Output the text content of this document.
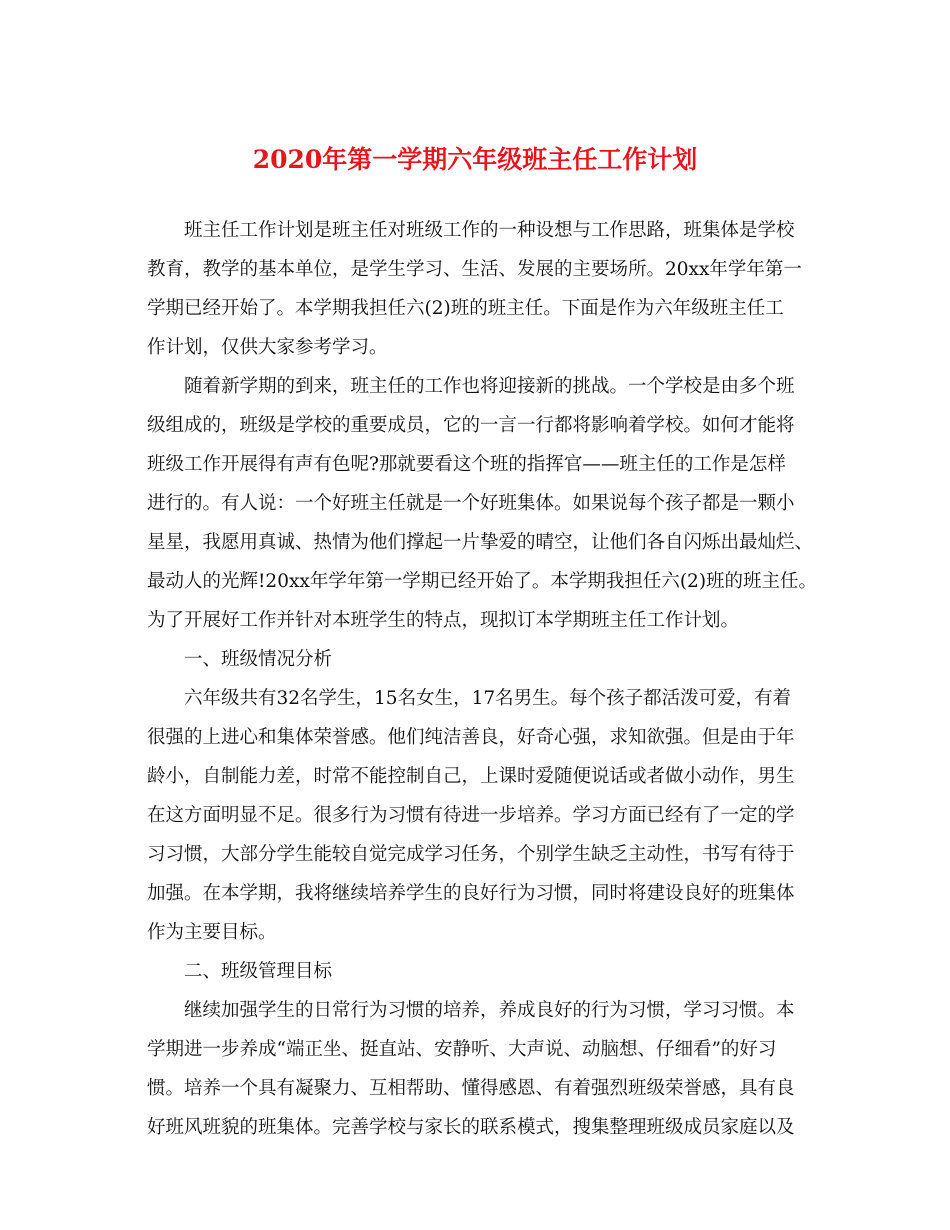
2020年第一学期六年级班主任工作计划
班主任工作计划是班主任对班级工作的一种设想与工作思路，班集体是学校
教育，教学的基本单位，是学生学习、生活、发展的主要场所。20xx年学年第一
学期已经开始了。本学期我担任六(2)班的班主任。下面是作为六年级班主任工
作计划，仅供大家参考学习。
随着新学期的到来，班主任的工作也将迎接新的挑战。一个学校是由多个班
级组成的，班级是学校的重要成员，它的一言一行都将影响着学校。如何才能将
班级工作开展得有声有色呢?那就要看这个班的指挥官——班主任的工作是怎样
进行的。有人说：一个好班主任就是一个好班集体。如果说每个孩子都是一颗小
星星，我愿用真诚、热情为他们撑起一片挚爱的晴空，让他们各自闪烁出最灿烂、
最动人的光辉!20xx年学年第一学期已经开始了。本学期我担任六(2)班的班主任。
为了开展好工作并针对本班学生的特点，现拟订本学期班主任工作计划。
一、班级情况分析
六年级共有32名学生，15名女生，17名男生。每个孩子都活泼可爱，有着
很强的上进心和集体荣誉感。他们纯洁善良，好奇心强，求知欲强。但是由于年
龄小，自制能力差，时常不能控制自己，上课时爱随便说话或者做小动作，男生
在这方面明显不足。很多行为习惯有待进一步培养。学习方面已经有了一定的学
习习惯，大部分学生能较自觉完成学习任务，个别学生缺乏主动性，书写有待于
加强。在本学期，我将继续培养学生的良好行为习惯，同时将建设良好的班集体
作为主要目标。
二、班级管理目标
继续加强学生的日常行为习惯的培养，养成良好的行为习惯，学习习惯。本
学期进一步养成“端正坐、挺直站、安静听、大声说、动脑想、仔细看”的好习
惯。培养一个具有凝聚力、互相帮助、懂得感恩、有着强烈班级荣誉感，具有良
好班风班貌的班集体。完善学校与家长的联系模式，搜集整理班级成员家庭以及
